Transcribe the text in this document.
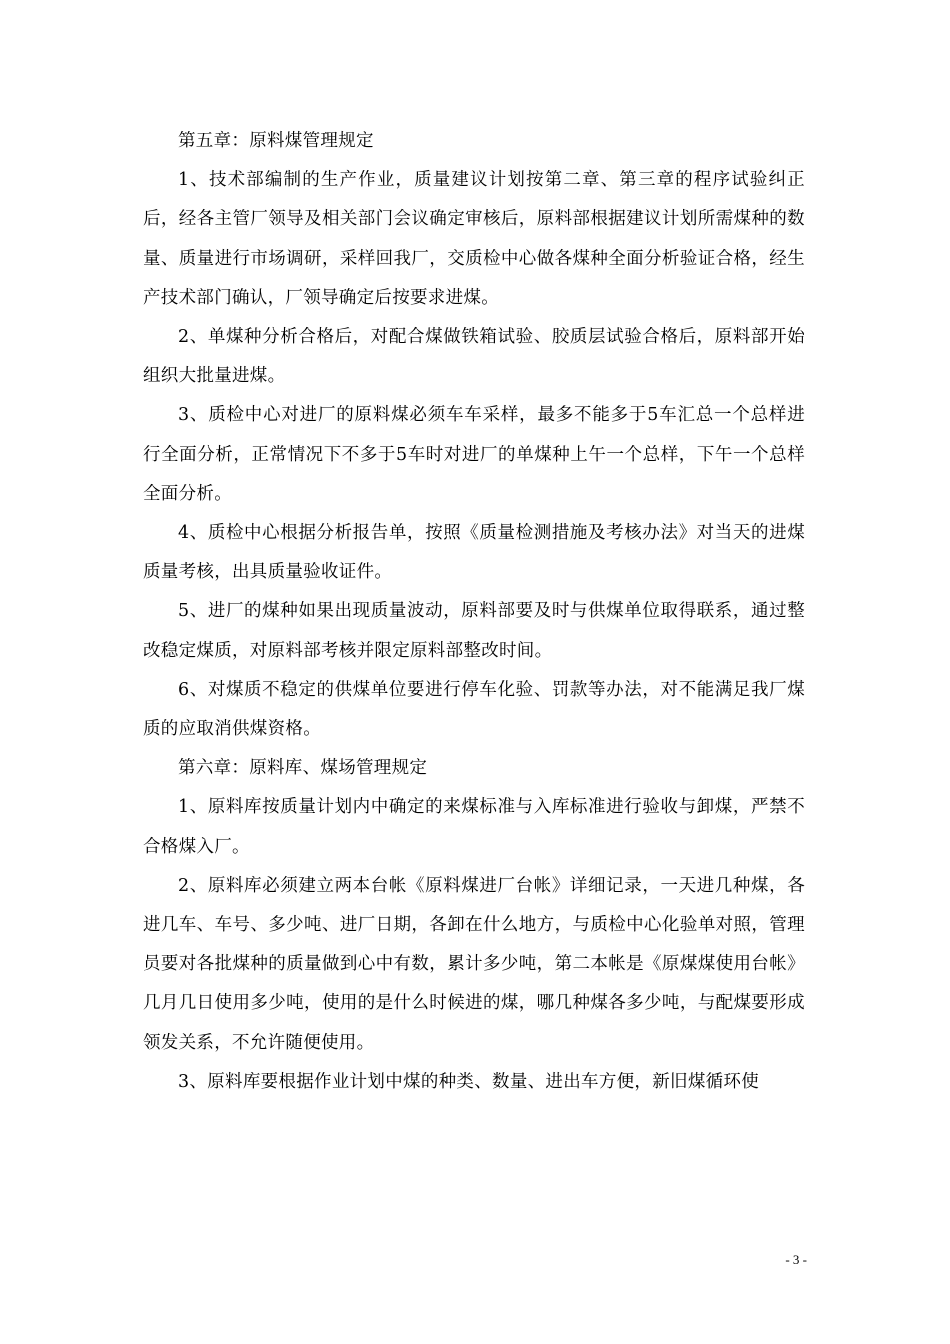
第五章：原料煤管理规定

1、技术部编制的生产作业，质量建议计划按第二章、第三章的程序试验纠正后，经各主管厂领导及相关部门会议确定审核后，原料部根据建议计划所需煤种的数量、质量进行市场调研，采样回我厂，交质检中心做各煤种全面分析验证合格，经生产技术部门确认，厂领导确定后按要求进煤。

2、单煤种分析合格后，对配合煤做铁箱试验、胶质层试验合格后，原料部开始组织大批量进煤。

3、质检中心对进厂的原料煤必须车车采样，最多不能多于5车汇总一个总样进行全面分析，正常情况下不多于5车时对进厂的单煤种上午一个总样，下午一个总样全面分析。

4、质检中心根据分析报告单，按照《质量检测措施及考核办法》对当天的进煤质量考核，出具质量验收证件。

5、进厂的煤种如果出现质量波动，原料部要及时与供煤单位取得联系，通过整改稳定煤质，对原料部考核并限定原料部整改时间。

6、对煤质不稳定的供煤单位要进行停车化验、罚款等办法，对不能满足我厂煤质的应取消供煤资格。

第六章：原料库、煤场管理规定

1、原料库按质量计划内中确定的来煤标准与入库标准进行验收与卸煤，严禁不合格煤入厂。

2、原料库必须建立两本台帐《原料煤进厂台帐》详细记录，一天进几种煤，各进几车、车号、多少吨、进厂日期，各卸在什么地方，与质检中心化验单对照，管理员要对各批煤种的质量做到心中有数，累计多少吨，第二本帐是《原煤煤使用台帐》几月几日使用多少吨，使用的是什么时候进的煤，哪几种煤各多少吨，与配煤要形成领发关系，不允许随便使用。

3、原料库要根据作业计划中煤的种类、数量、进出车方便，新旧煤循环使

- 3 -
